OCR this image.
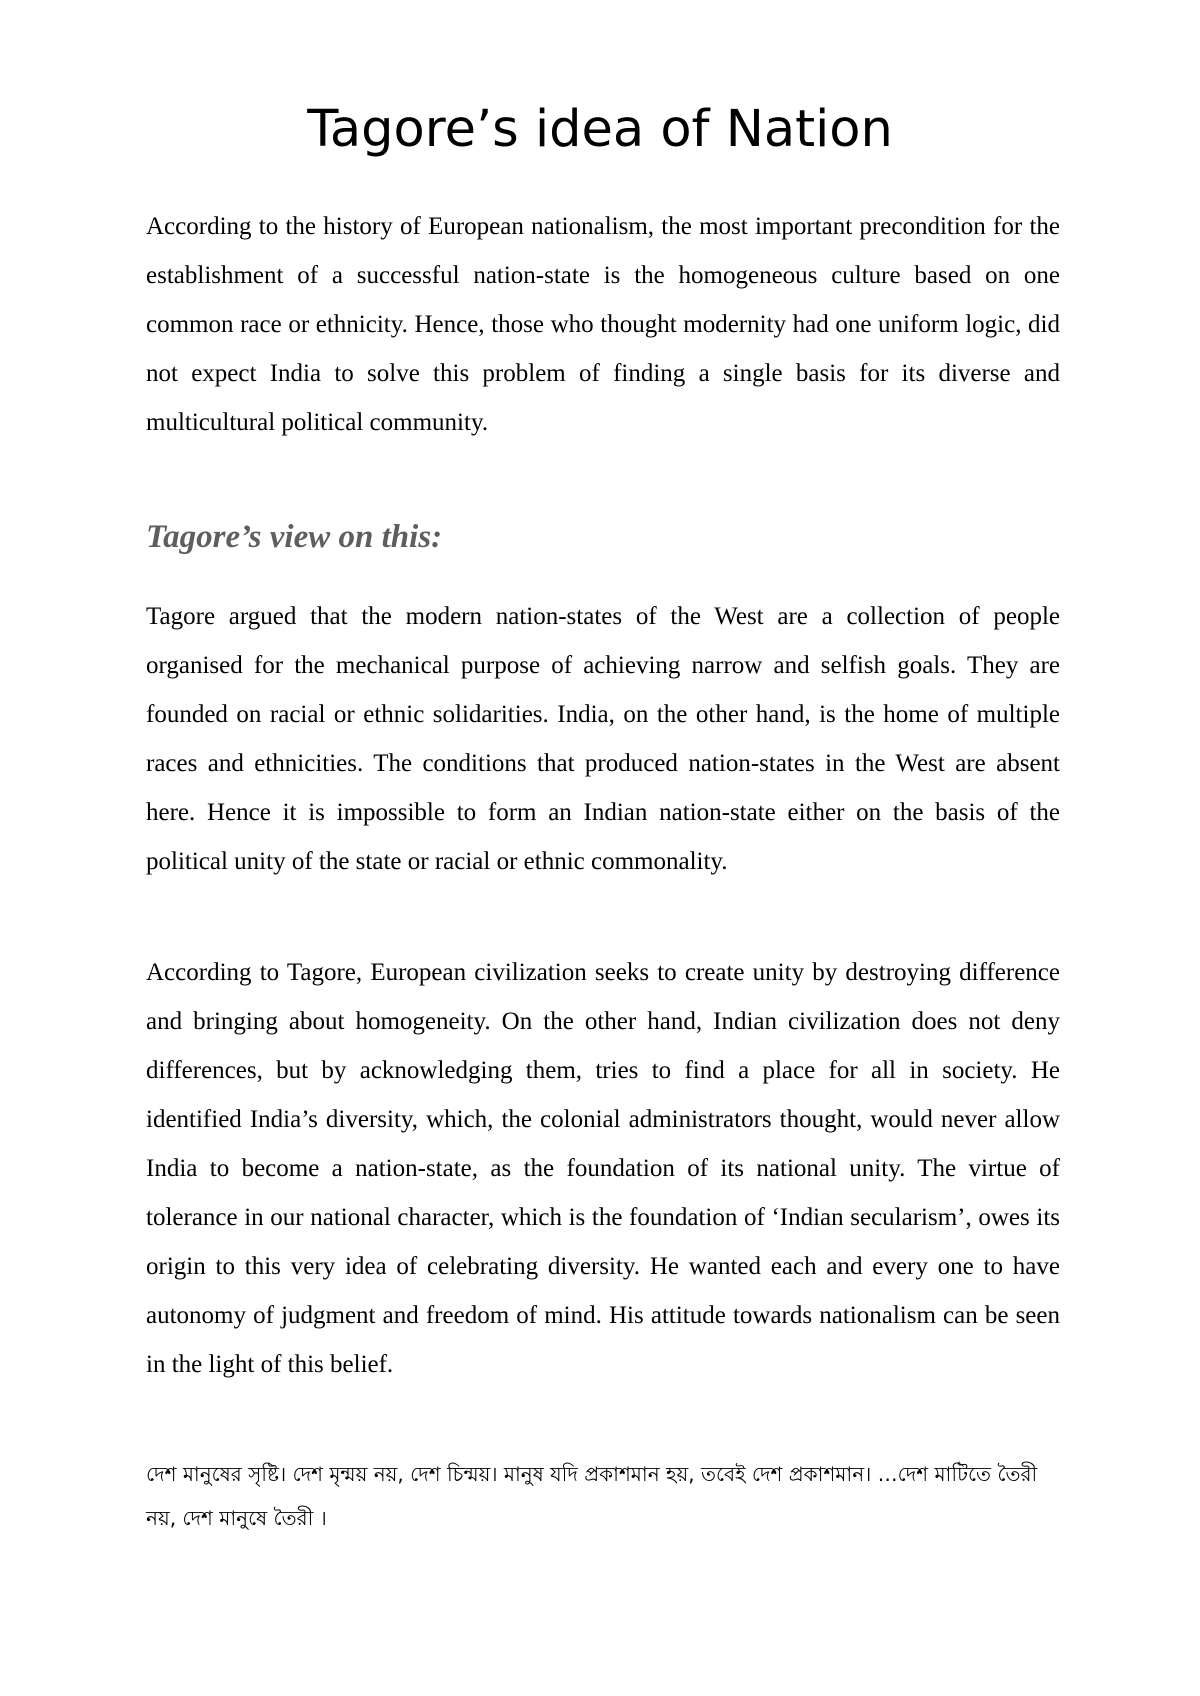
Tagore’s idea of Nation

According to the history of European nationalism, the most important precondition for the establishment of a successful nation-state is the homogeneous culture based on one common race or ethnicity. Hence, those who thought modernity had one uniform logic, did not expect India to solve this problem of finding a single basis for its diverse and multicultural political community.

Tagore’s view on this:

Tagore argued that the modern nation-states of the West are a collection of people organised for the mechanical purpose of achieving narrow and selfish goals. They are founded on racial or ethnic solidarities. India, on the other hand, is the home of multiple races and ethnicities. The conditions that produced nation-states in the West are absent here. Hence it is impossible to form an Indian nation-state either on the basis of the political unity of the state or racial or ethnic commonality.

According to Tagore, European civilization seeks to create unity by destroying difference and bringing about homogeneity. On the other hand, Indian civilization does not deny differences, but by acknowledging them, tries to find a place for all in society. He identified India’s diversity, which, the colonial administrators thought, would never allow India to become a nation-state, as the foundation of its national unity. The virtue of tolerance in our national character, which is the foundation of ‘Indian secularism’, owes its origin to this very idea of celebrating diversity. He wanted each and every one to have autonomy of judgment and freedom of mind. His attitude towards nationalism can be seen in the light of this belief.

দেশ মানুষের সৃষ্টি। দেশ মৃন্ময় নয়, দেশ চিন্ময়। মানুষ যদি প্রকাশমান হয়, তবেই দেশ প্রকাশমান। …দেশ মাটিতে তৈরী নয়, দেশ মানুষে তৈরী ।
